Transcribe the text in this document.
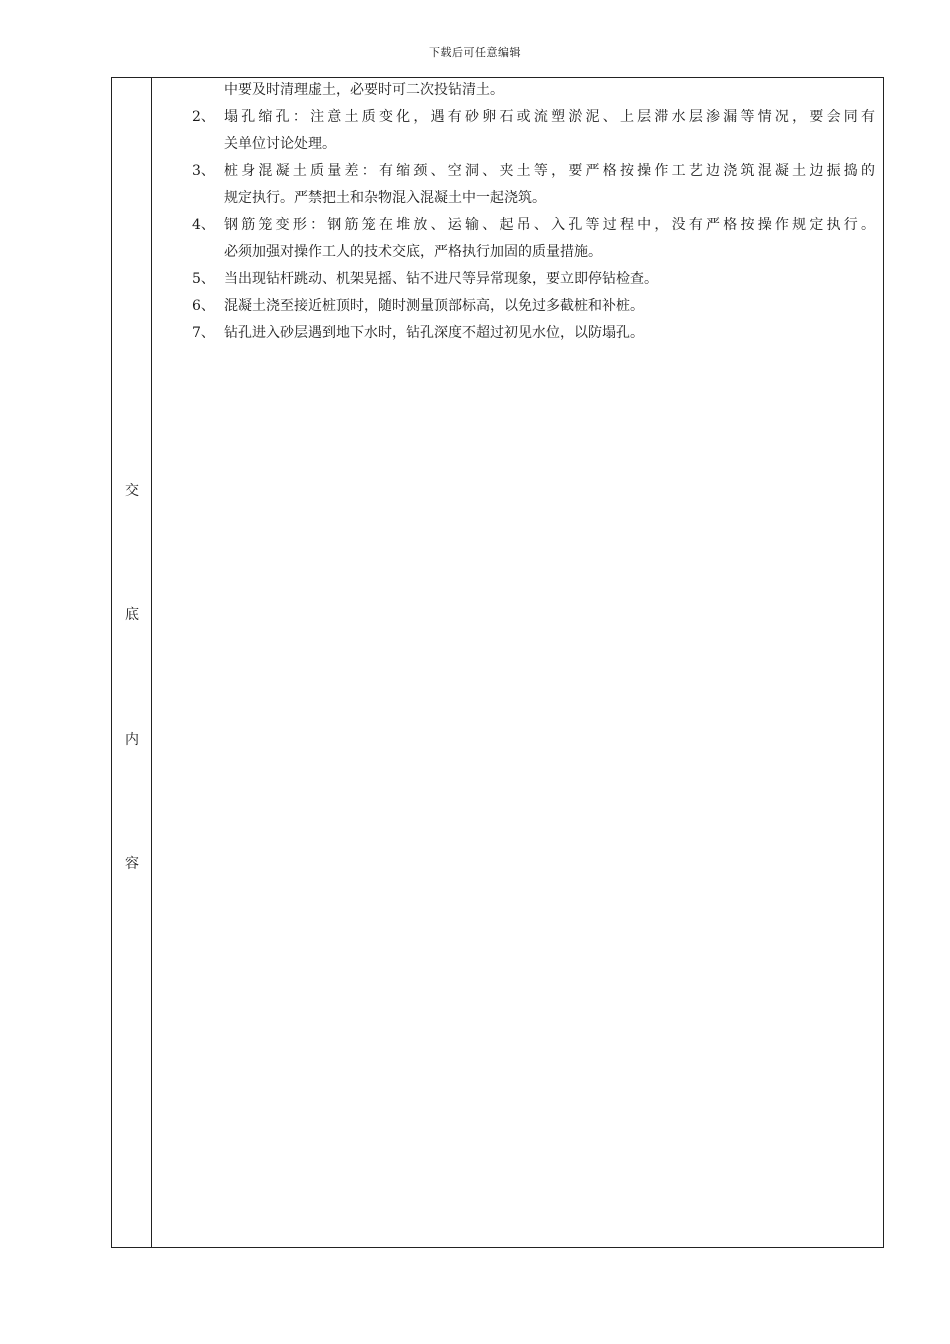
下载后可任意编辑
交
底
内
容
中要及时清理虚土，必要时可二次投钻清土。
2、 塌孔缩孔：注意土质变化，遇有砂卵石或流塑淤泥、上层滞水层渗漏等情况，要会同有
关单位讨论处理。
3、 桩身混凝土质量差：有缩颈、空洞、夹土等，要严格按操作工艺边浇筑混凝土边振捣的
规定执行。严禁把土和杂物混入混凝土中一起浇筑。
4、 钢筋笼变形：钢筋笼在堆放、运输、起吊、入孔等过程中，没有严格按操作规定执行。
必须加强对操作工人的技术交底，严格执行加固的质量措施。
5、 当出现钻杆跳动、机架晃摇、钻不进尺等异常现象，要立即停钻检查。
6、 混凝土浇至接近桩顶时，随时测量顶部标高，以免过多截桩和补桩。
7、 钻孔进入砂层遇到地下水时，钻孔深度不超过初见水位，以防塌孔。
